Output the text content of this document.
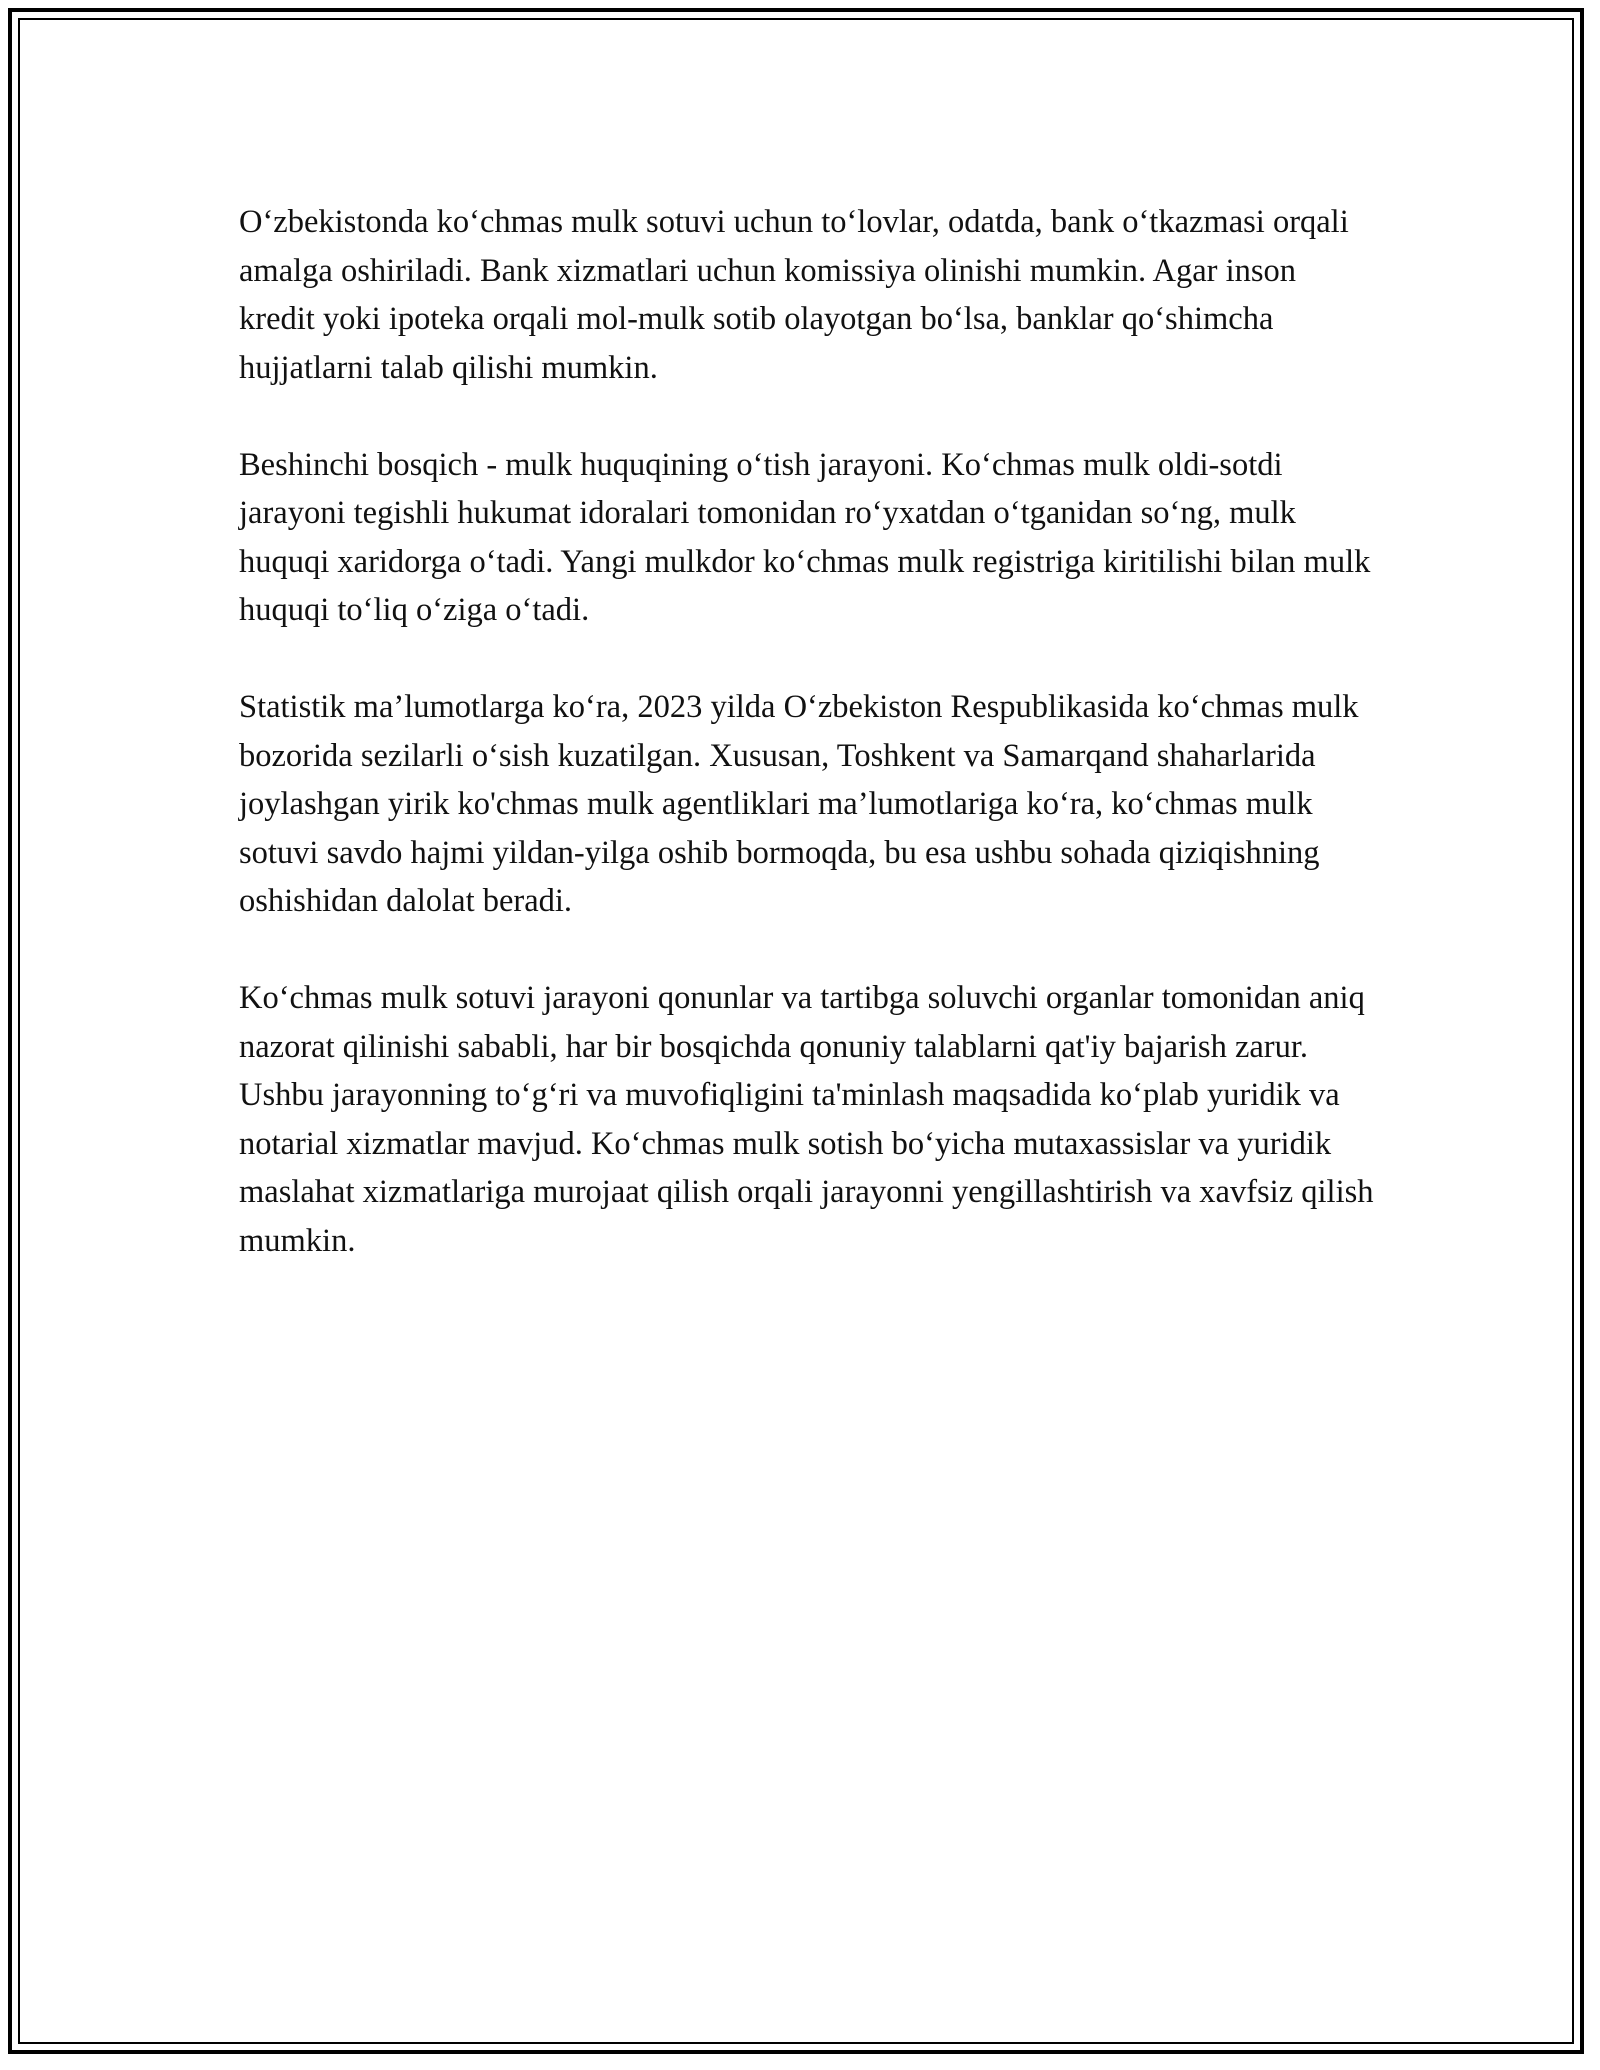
O‘zbekistonda ko‘chmas mulk sotuvi uchun to‘lovlar, odatda, bank o‘tkazmasi orqali amalga oshiriladi. Bank xizmatlari uchun komissiya olinishi mumkin. Agar inson kredit yoki ipoteka orqali mol-mulk sotib olayotgan bo‘lsa, banklar qo‘shimcha hujjatlarni talab qilishi mumkin.

Beshinchi bosqich - mulk huquqining o‘tish jarayoni. Ko‘chmas mulk oldi-sotdi jarayoni tegishli hukumat idoralari tomonidan ro‘yxatdan o‘tganidan so‘ng, mulk huquqi xaridorga o‘tadi. Yangi mulkdor ko‘chmas mulk registriga kiritilishi bilan mulk huquqi to‘liq o‘ziga o‘tadi.

Statistik ma’lumotlarga ko‘ra, 2023 yilda O‘zbekiston Respublikasida ko‘chmas mulk bozorida sezilarli o‘sish kuzatilgan. Xususan, Toshkent va Samarqand shaharlarida joylashgan yirik ko'chmas mulk agentliklari ma’lumotlariga ko‘ra, ko‘chmas mulk sotuvi savdo hajmi yildan-yilga oshib bormoqda, bu esa ushbu sohada qiziqishning oshishidan dalolat beradi.

Ko‘chmas mulk sotuvi jarayoni qonunlar va tartibga soluvchi organlar tomonidan aniq nazorat qilinishi sababli, har bir bosqichda qonuniy talablarni qat'iy bajarish zarur. Ushbu jarayonning to‘g‘ri va muvofiqligini ta'minlash maqsadida ko‘plab yuridik va notarial xizmatlar mavjud. Ko‘chmas mulk sotish bo‘yicha mutaxassislar va yuridik maslahat xizmatlariga murojaat qilish orqali jarayonni yengillashtirish va xavfsiz qilish mumkin.
